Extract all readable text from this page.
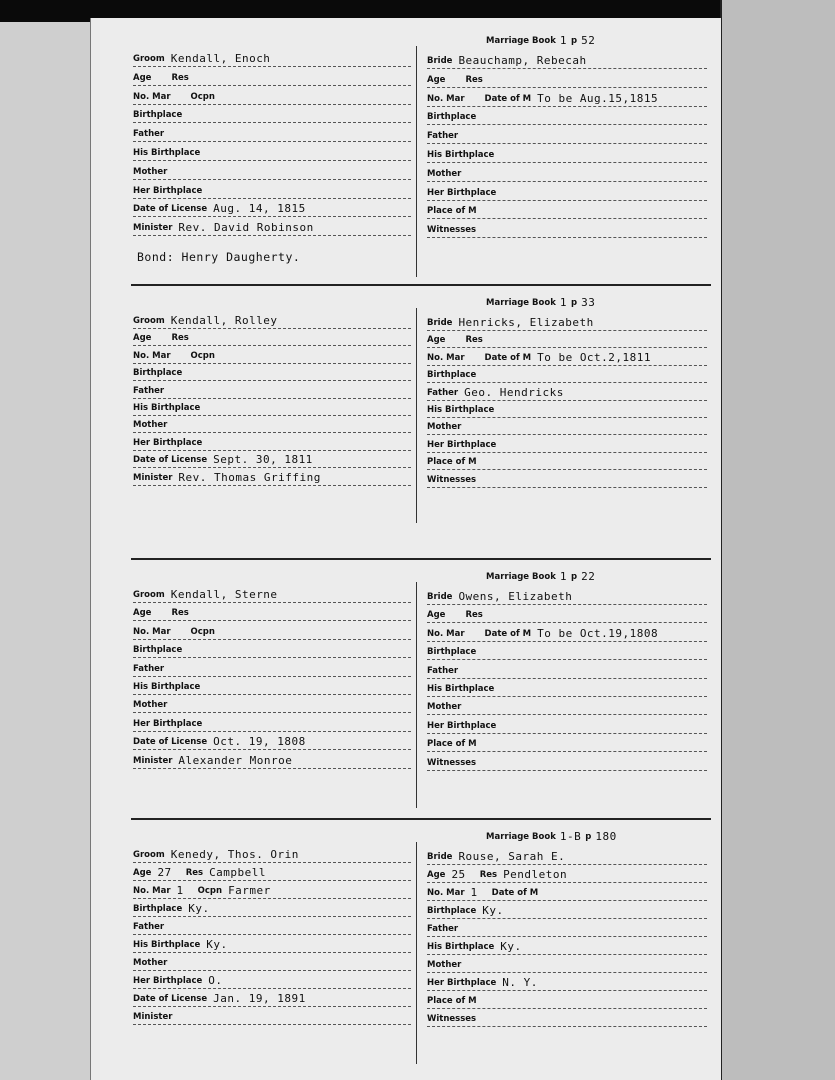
Groom Kendall, Enoch
Age Res
No. Mar Ocpn
Birthplace
Father
His Birthplace
Mother
Her Birthplace
Date of License Aug. 14, 1815
Minister Rev. David Robinson
Marriage Book 1 p 52
Bride Beauchamp, Rebecah
Age Res
No. Mar Date of M To be Aug.15,1815
Birthplace
Father
His Birthplace
Mother
Her Birthplace
Place of M
Witnesses
Bond: Henry Daugherty.
Groom Kendall, Rolley
Age Res
No. Mar Ocpn
Birthplace
Father
His Birthplace
Mother
Her Birthplace
Date of License Sept. 30, 1811
Minister Rev. Thomas Griffing
Marriage Book 1 p 33
Bride Henricks, Elizabeth
Age Res
No. Mar Date of M To be Oct.2,1811
Birthplace
Father Geo. Hendricks
His Birthplace
Mother
Her Birthplace
Place of M
Witnesses
Groom Kendall, Sterne
Age Res
No. Mar Ocpn
Birthplace
Father
His Birthplace
Mother
Her Birthplace
Date of License Oct. 19, 1808
Minister Alexander Monroe
Marriage Book 1 p 22
Bride Owens, Elizabeth
Age Res
No. Mar Date of M To be Oct.19,1808
Birthplace
Father
His Birthplace
Mother
Her Birthplace
Place of M
Witnesses
Groom Kenedy, Thos. Orin
Age 27 Res Campbell
No. Mar 1 Ocpn Farmer
Birthplace Ky.
Father
His Birthplace Ky.
Mother
Her Birthplace O.
Date of License Jan. 19, 1891
Minister
Marriage Book 1-B p 180
Bride Rouse, Sarah E.
Age 25 Res Pendleton
No. Mar 1 Date of M
Birthplace Ky.
Father
His Birthplace Ky.
Mother
Her Birthplace N. Y.
Place of M
Witnesses
